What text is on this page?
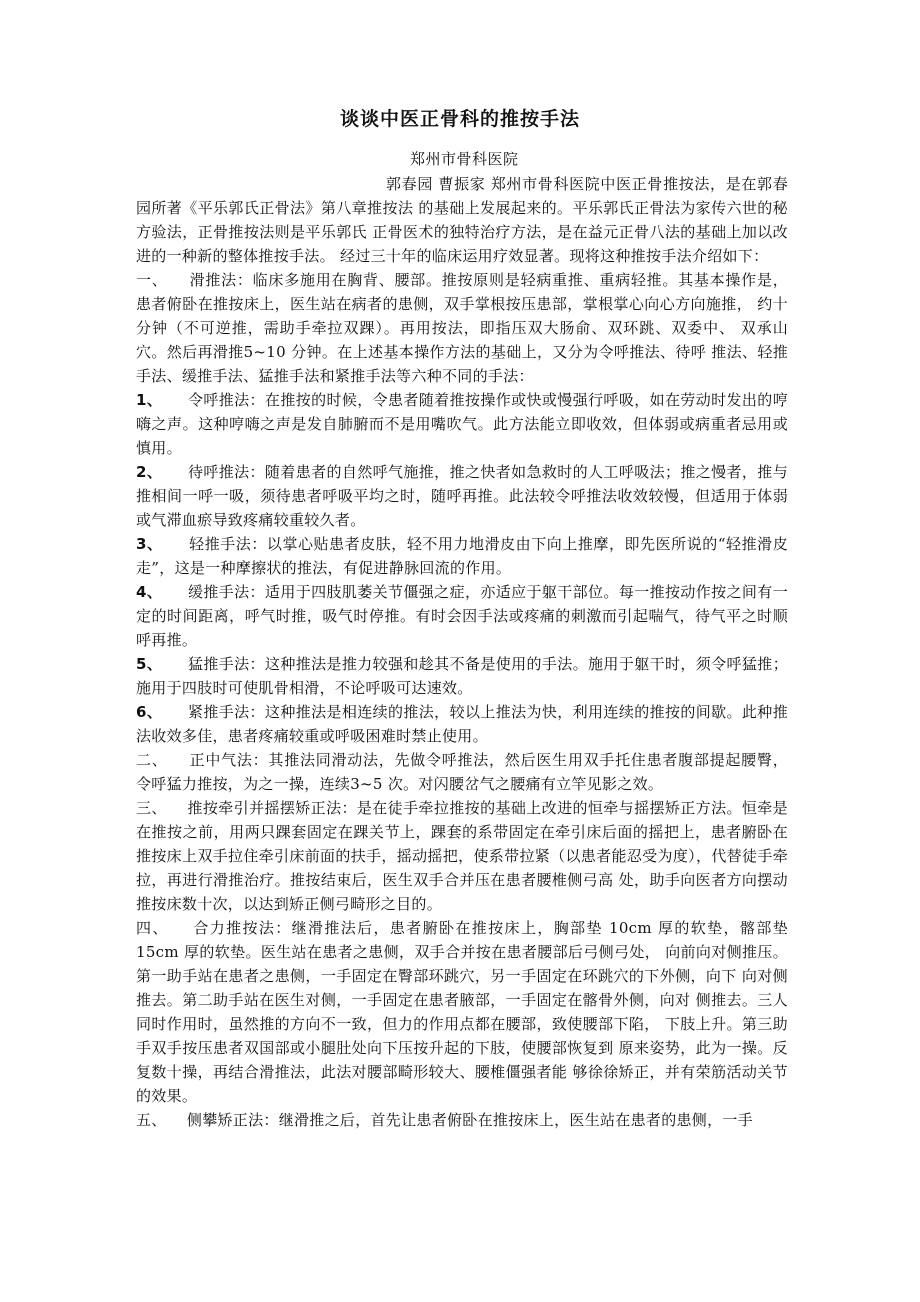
谈谈中医正骨科的推按手法
郑州市骨科医院

郭春园 曹振家 郑州市骨科医院中医正骨推按法，是在郭春园所著《平乐郭氏正骨法》第八章推按法 的基础上发展起来的。平乐郭氏正骨法为家传六世的秘方验法，正骨推按法则是平乐郭氏 正骨医术的独特治疗方法，是在益元正骨八法的基础上加以改进的一种新的整体推按手法。 经过三十年的临床运用疗效显著。现将这种推按手法介绍如下：

一、 滑推法：临床多施用在胸背、腰部。推按原则是轻病重推、重病轻推。其基本操作是， 患者俯卧在推按床上，医生站在病者的患侧，双手掌根按压患部，掌根掌心向心方向施推， 约十分钟（不可逆推，需助手牵拉双踝）。再用按法，即指压双大肠俞、双环跳、双委中、 双承山穴。然后再滑推5~10 分钟。在上述基本操作方法的基础上，又分为令呼推法、待呼 推法、轻推手法、缓推手法、猛推手法和紧推手法等六种不同的手法：

1、 令呼推法：在推按的时候，令患者随着推按操作或快或慢强行呼吸，如在劳动时发出的哼嗨之声。这种哼嗨之声是发自肺腑而不是用嘴吹气。此方法能立即收效，但体弱或病重者忌用或慎用。

2、 待呼推法：随着患者的自然呼气施推，推之快者如急救时的人工呼吸法；推之慢者，推与推相间一呼一吸，须待患者呼吸平均之时，随呼再推。此法较令呼推法收效较慢，但适用于体弱或气滞血瘀导致疼痛较重较久者。

3、 轻推手法：以掌心贴患者皮肤，轻不用力地滑皮由下向上推摩，即先医所说的“轻推滑皮走”，这是一种摩擦状的推法，有促进静脉回流的作用。

4、 缓推手法：适用于四肢肌萎关节僵强之症，亦适应于躯干部位。每一推按动作按之间有一定的时间距离，呼气时推，吸气时停推。有时会因手法或疼痛的刺激而引起喘气，待气平之时顺呼再推。

5、 猛推手法：这种推法是推力较强和趁其不备是使用的手法。施用于躯干时，须令呼猛推；施用于四肢时可使肌骨相滑，不论呼吸可达速效。

6、 紧推手法：这种推法是相连续的推法，较以上推法为快，利用连续的推按的间歇。此种推法收效多佳，患者疼痛较重或呼吸困难时禁止使用。

二、 正中气法：其推法同滑动法，先做令呼推法，然后医生用双手托住患者腹部提起腰臀， 令呼猛力推按，为之一操，连续3~5 次。对闪腰岔气之腰痛有立竿见影之效。

三、 推按牵引并摇摆矫正法：是在徒手牵拉推按的基础上改进的恒牵与摇摆矫正方法。恒牵是在推按之前，用两只踝套固定在踝关节上，踝套的系带固定在牵引床后面的摇把上，患者腑卧在推按床上双手拉住牵引床前面的扶手，摇动摇把，使系带拉紧（以患者能忍受为度），代替徒手牵拉，再进行滑推治疗。推按结束后，医生双手合并压在患者腰椎侧弓高 处，助手向医者方向摆动推按床数十次，以达到矫正侧弓畸形之目的。

四、 合力推按法：继滑推法后，患者腑卧在推按床上，胸部垫 10cm 厚的软垫，髂部垫 15cm 厚的软垫。医生站在患者之患侧，双手合并按在患者腰部后弓侧弓处， 向前向对侧推压。 第一助手站在患者之患侧，一手固定在臀部环跳穴，另一手固定在环跳穴的下外侧，向下 向对侧推去。第二助手站在医生对侧，一手固定在患者腋部，一手固定在髂骨外侧，向对 侧推去。三人同时作用时，虽然推的方向不一致，但力的作用点都在腰部，致使腰部下陷， 下肢上升。第三助手双手按压患者双国部或小腿肚处向下压按升起的下肢，使腰部恢复到 原来姿势，此为一操。反复数十操，再结合滑推法，此法对腰部畸形较大、腰椎僵强者能 够徐徐矫正，并有荣筋活动关节的效果。

五、 侧攀矫正法：继滑推之后，首先让患者俯卧在推按床上，医生站在患者的患侧，一手
